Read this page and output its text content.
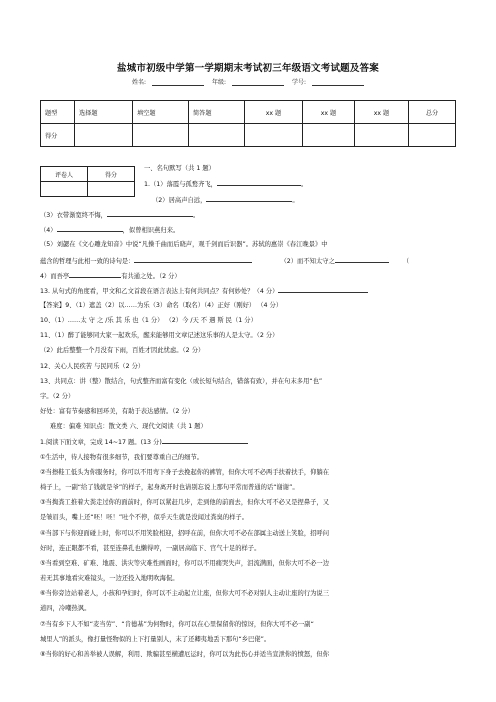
盐城市初级中学第一学期期末考试初三年级语文考试题及答案
姓名:	年级:	学号:
题型	选择题	填空题	简答题	xx 题	xx 题	xx 题	总分
得分							
评卷人	得分

一、名句默写（共 1 题）
1.（1）落霞与孤鹜齐飞，	。
（2）居高声自远，	。
（3）衣带渐宽终不悔，	。
（4）	，似曾相识燕归来。
（5）刘勰在《文心雕龙知音》中说“凡操千曲而后晓声，观千剑而后识器”。苏轼的惠崇《春江晚景》中
蕴含的哲理与此相一致的诗句是：	（2）而不知太守之	（
4）而吾亭	有共通之处。（2 分）
13. 从句式的角度看，甲文和乙文首段在语言表达上有何共同点？有何妙处？（4 分）
【答案】9、（1）遮盖（2）以……为乐（3）命名（取名）（4）正好（刚好） （4 分）
10、（1）……太 守 之 /乐 其 乐 也（1 分） （2）今 /天 不 遇 斯 民（1 分）
11、（1）醉了能够同大家一起欢乐，醒来能够用文章记述这乐事的人是太守。（2 分）
（2）此后整整一个月没有下雨，百姓才因此忧虑。（2 分）
12、关心人民疾苦 与民同乐（2 分）
13、共同点：讲（整）散结合，句式整齐而富有变化（或长短句结合，错落有致），并在句末多用“也”
字。（2 分）
好处：富有节奏感和回环美，有助于表达感情。（2 分）
难度：偏难 知识点：散文类 六、现代文阅读（共 1 题）
1.阅读下面文章，完成 14~17 题。(13 分)
①生活中，待人接物有很多细节，我们要尊重自己的细节。
②当擦鞋工低头为你服务时，你可以不用弯下身子去挽起你的裤管，但你大可不必两手扶着扶手，仰躺在
椅子上，一副“给了钱就是爷”的样子，起身离开时也请别忘说上那句平常而普通的话“谢谢”。
③当掏粪工推着大粪走过你的面前时，你可以紧赶几步，走到他的前面去，但你大可不必又是捏鼻子，又
是皱眉头，嘴上还“呸！呸！”吐个不停，似乎天生就是没闻过粪臭的样子。
④当部下与你迎面碰上时，你可以不用笑脸相迎，招呼在前，但你大可不必在部属主动送上笑脸，招呼问
好时，连正眼都不看，甚至连鼻孔也懒得哼，一副居高临下、官气十足的样子。
⑤当看到空难、矿难、地震、洪灾等灾难性画面时，你可以不用痛哭失声，泪流满面，但你大可不必一边
若无其事地看灾难镜头，一边还投入地明吹海侃。
⑥当你旁边站着老人，小孩和孕妇时，你可以不主动起立让座，但你大可不必对别人主动让座的行为说三
道四，冷嘲热讽。
⑦当有乡下人不如“麦当劳”、“肯德基”为何物时，你可以在心里保留你的惊讶，但你大可不必一副“
城里人”的派头，像打量怪物似的上下打量别人，末了还卿夷地丢下那句“乡巴佬”。
⑧当你的好心和善举被人误解，利用、欺骗甚至横遭厄运时，你可以为此伤心并适当宣泄你的愤怒，但你
